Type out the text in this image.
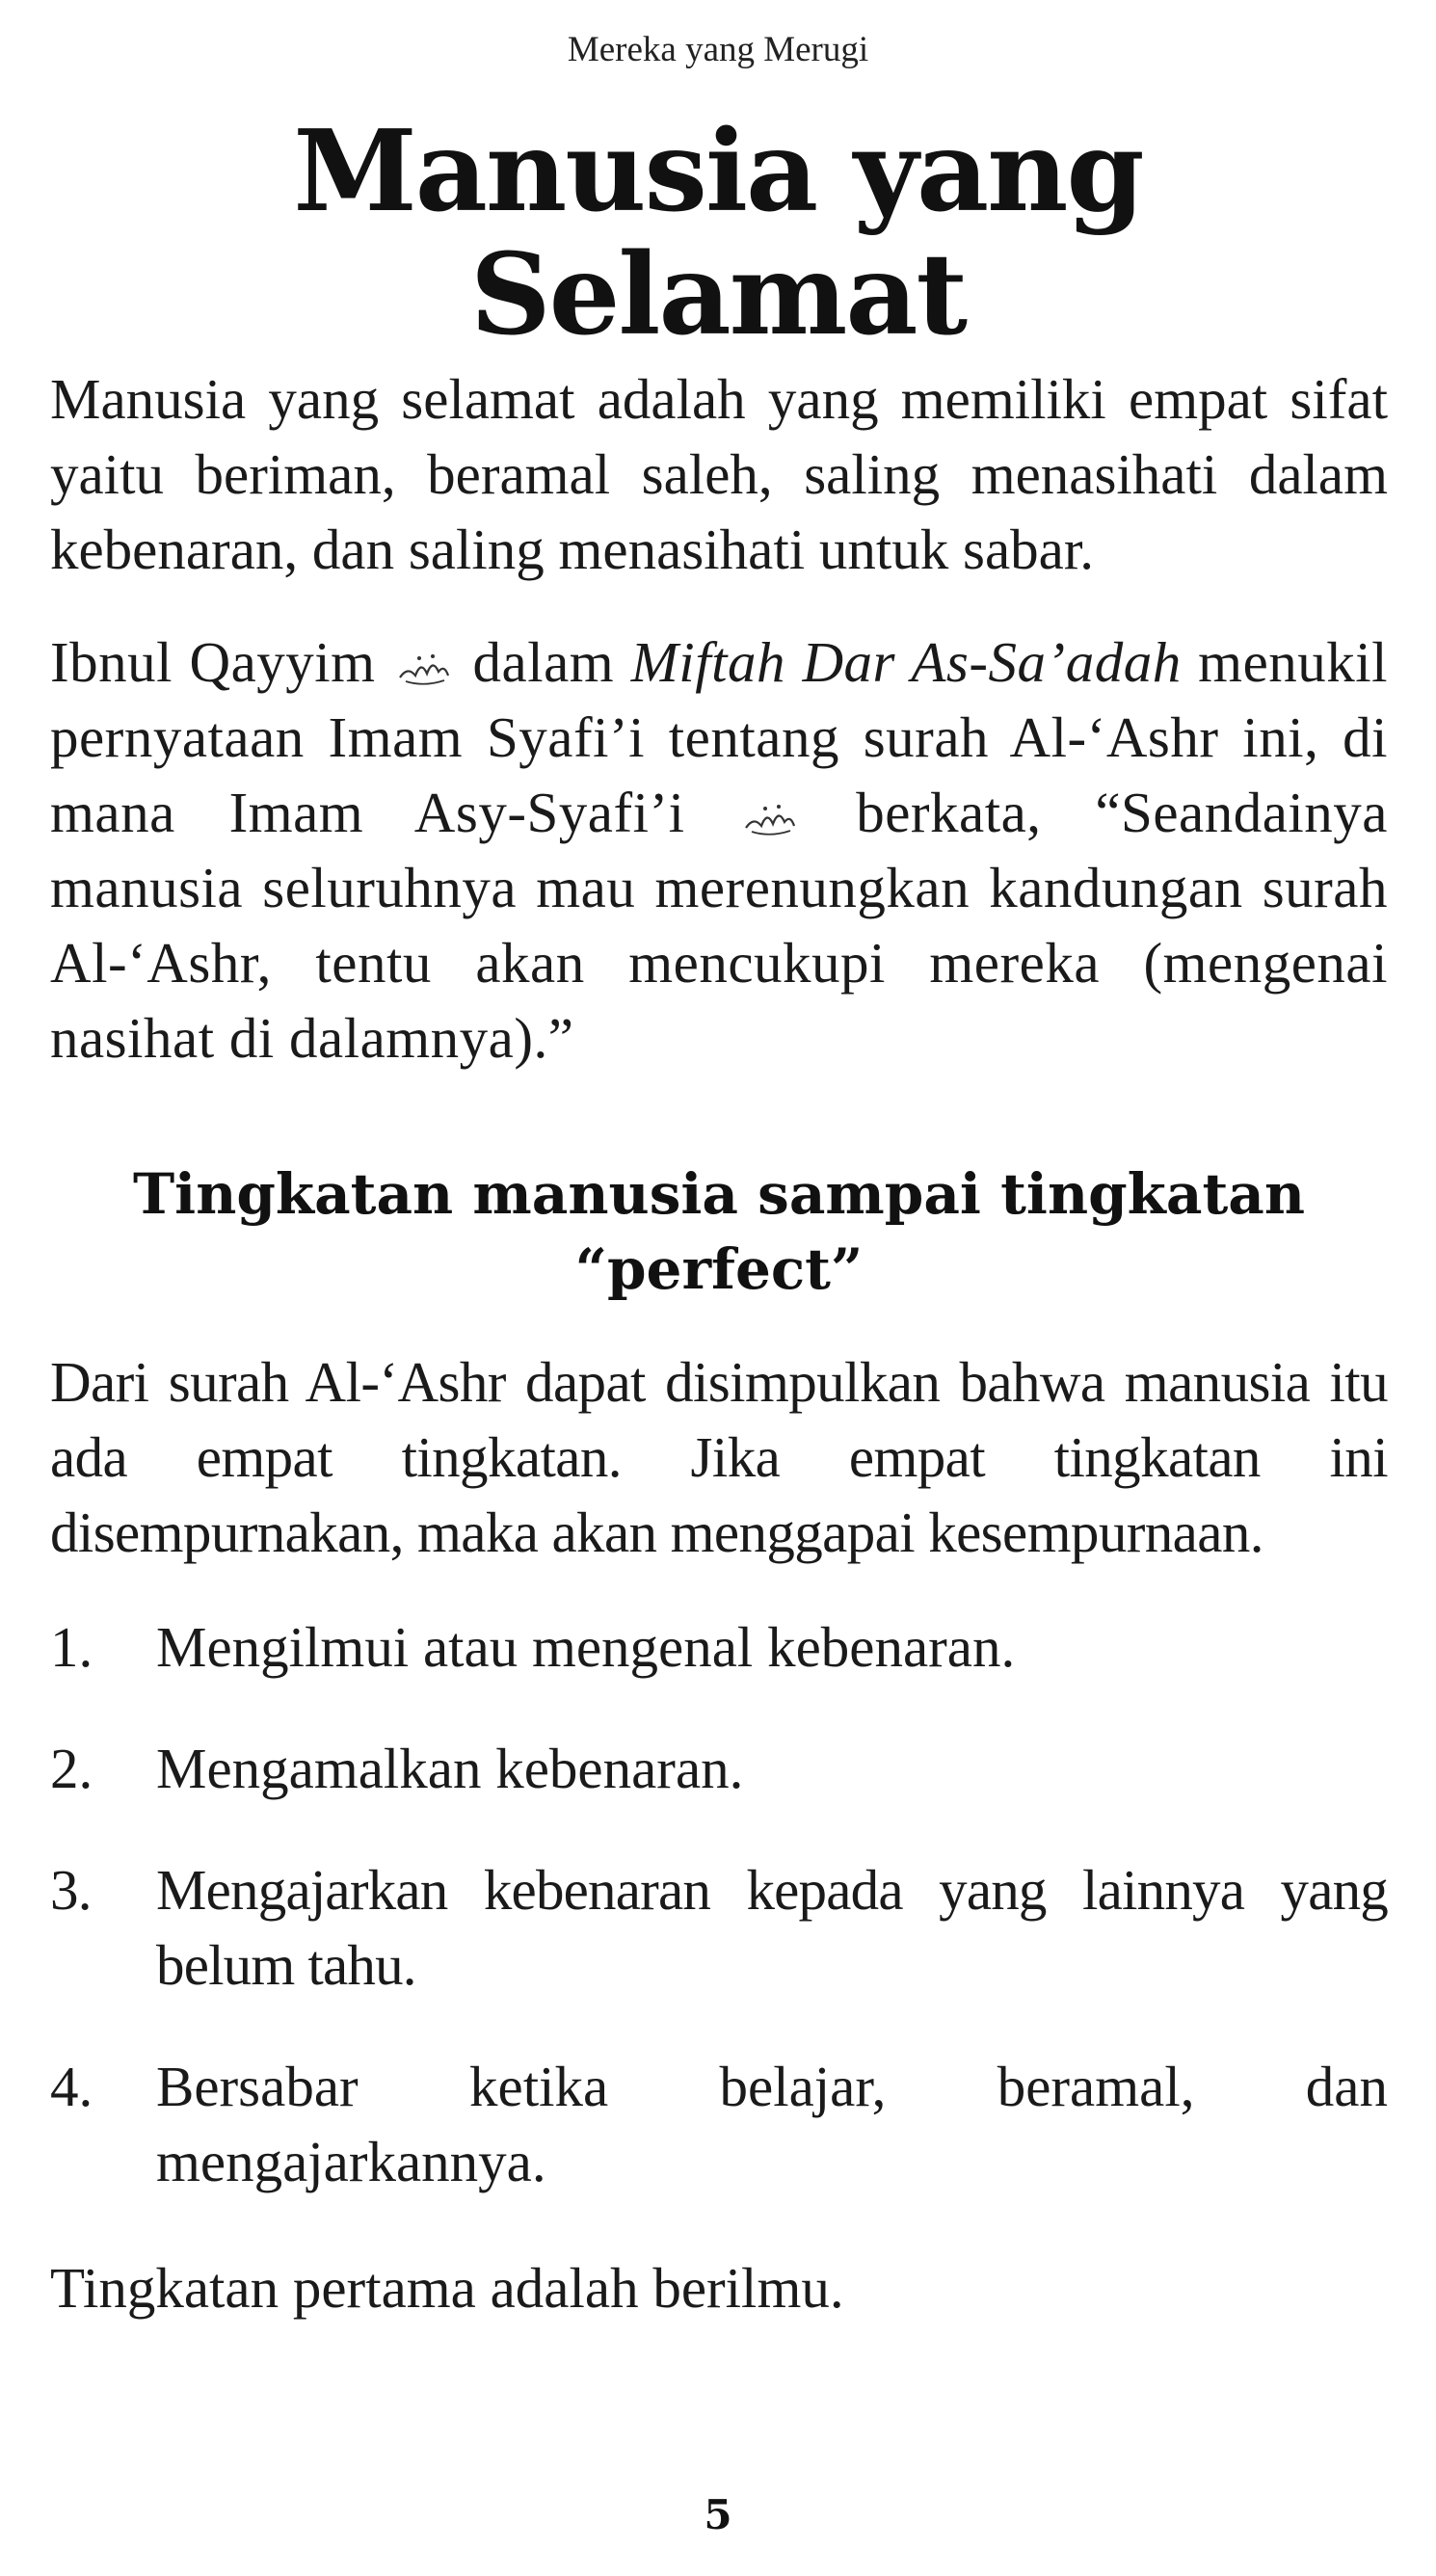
Mereka yang Merugi
Manusia yang Selamat

Manusia yang selamat adalah yang memiliki empat sifat yaitu beriman, beramal saleh, saling menasihati dalam kebenaran, dan saling menasihati untuk sabar.

Ibnul Qayyim dalam Miftah Dar As-Sa’adah menukil pernyataan Imam Syafi’i tentang surah Al-‘Ashr ini, di mana Imam Asy-Syafi’i	berkata, “Seandainya manusia seluruhnya mau merenungkan kandungan surah Al-‘Ashr, tentu akan mencukupi mereka (mengenai nasihat di dalamnya).”

Tingkatan manusia sampai tingkatan
“perfect”

Dari surah Al-‘Ashr dapat disimpulkan bahwa manusia itu ada empat tingkatan. Jika empat tingkatan ini disempurnakan, maka akan menggapai kesempurnaan.

1. Mengilmui atau mengenal kebenaran.
2. Mengamalkan kebenaran.
3. Mengajarkan kebenaran kepada yang lainnya yang belum tahu.
4. Bersabar ketika belajar, beramal, dan mengajarkannya.

Tingkatan pertama adalah berilmu.

5
